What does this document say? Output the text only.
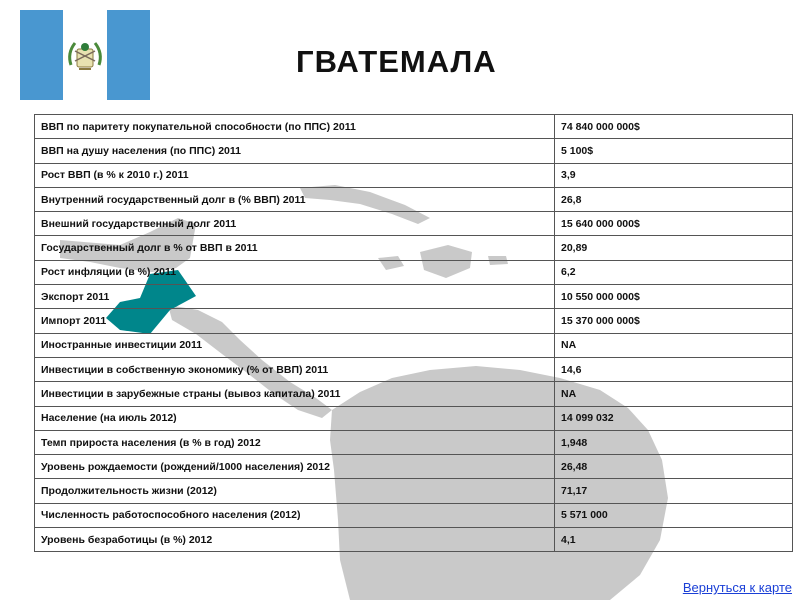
ГВАТЕМАЛА
ВВП по паритету покупательной способности (по ППС) 2011	74 840 000 000$
ВВП на душу населения (по ППС) 2011	5 100$
Рост ВВП (в % к 2010 г.) 2011	3,9
Внутренний государственный долг в (% ВВП) 2011	26,8
Внешний государственный долг 2011	15 640 000 000$
Государственный долг в % от ВВП в 2011	20,89
Рост инфляции (в %) 2011	6,2
Экспорт 2011	10 550 000 000$
Импорт 2011	15 370 000 000$
Иностранные инвестиции 2011	NA
Инвестиции в собственную экономику (% от ВВП) 2011	14,6
Инвестиции в зарубежные страны (вывоз капитала) 2011	NA
Население (на июль 2012)	14 099 032
Темп прироста населения (в % в год) 2012	1,948
Уровень рождаемости (рождений/1000 населения) 2012	26,48
Продолжительность жизни (2012)	71,17
Численность работоспособного населения (2012)	5 571 000
Уровень безработицы (в %) 2012	4,1
Вернуться к карте
